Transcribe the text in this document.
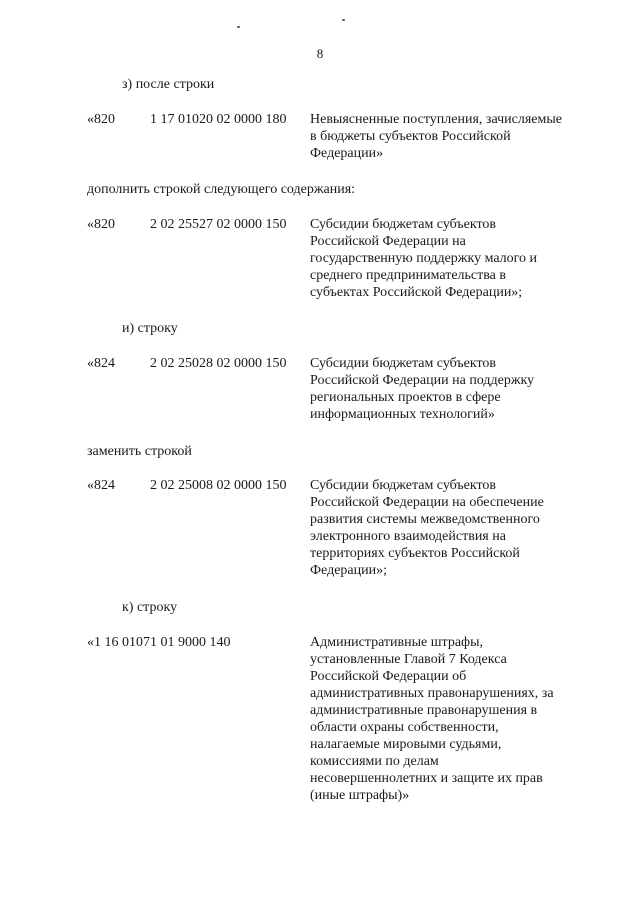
8

з) после строки

«820	1 17 01020 02 0000 180 Невыясненные поступления, зачисляемые
в бюджеты субъектов Российской
Федерации»

дополнить строкой следующего содержания:

«820	2 02 25527 02 0000 150 Субсидии бюджетам субъектов
Российской Федерации на
государственную поддержку малого и
среднего предпринимательства в
субъектах Российской Федерации»;

и) строку

«824	2 02 25028 02 0000 150 Субсидии бюджетам субъектов
Российской Федерации на поддержку
региональных проектов в сфере
информационных технологий»

заменить строкой

«824	2 02 25008 02 0000 150 Субсидии бюджетам субъектов
Российской Федерации на обеспечение
развития системы межведомственного
электронного взаимодействия на
территориях субъектов Российской
Федерации»;

к) строку

«1 16 01071 01 9000 140	Административные штрафы,
установленные Главой 7 Кодекса
Российской Федерации об
административных правонарушениях, за
административные правонарушения в
области охраны собственности,
налагаемые мировыми судьями,
комиссиями по делам
несовершеннолетних и защите их прав
(иные штрафы)»
